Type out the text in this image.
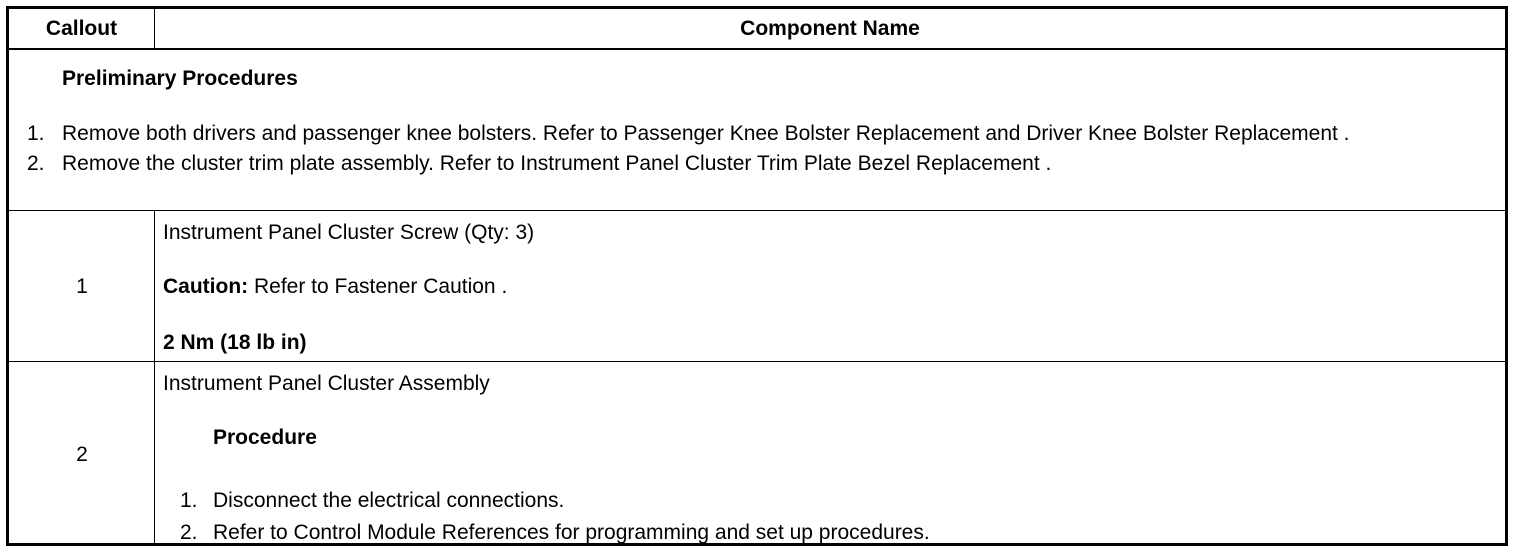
Callout	Component Name
Preliminary Procedures
1. Remove both drivers and passenger knee bolsters. Refer to Passenger Knee Bolster Replacement and Driver Knee Bolster Replacement .
2. Remove the cluster trim plate assembly. Refer to Instrument Panel Cluster Trim Plate Bezel Replacement .
1
Instrument Panel Cluster Screw (Qty: 3)
Caution: Refer to Fastener Caution .
2 Nm (18 lb in)
2
Instrument Panel Cluster Assembly
Procedure
1. Disconnect the electrical connections.
2. Refer to Control Module References for programming and set up procedures.
